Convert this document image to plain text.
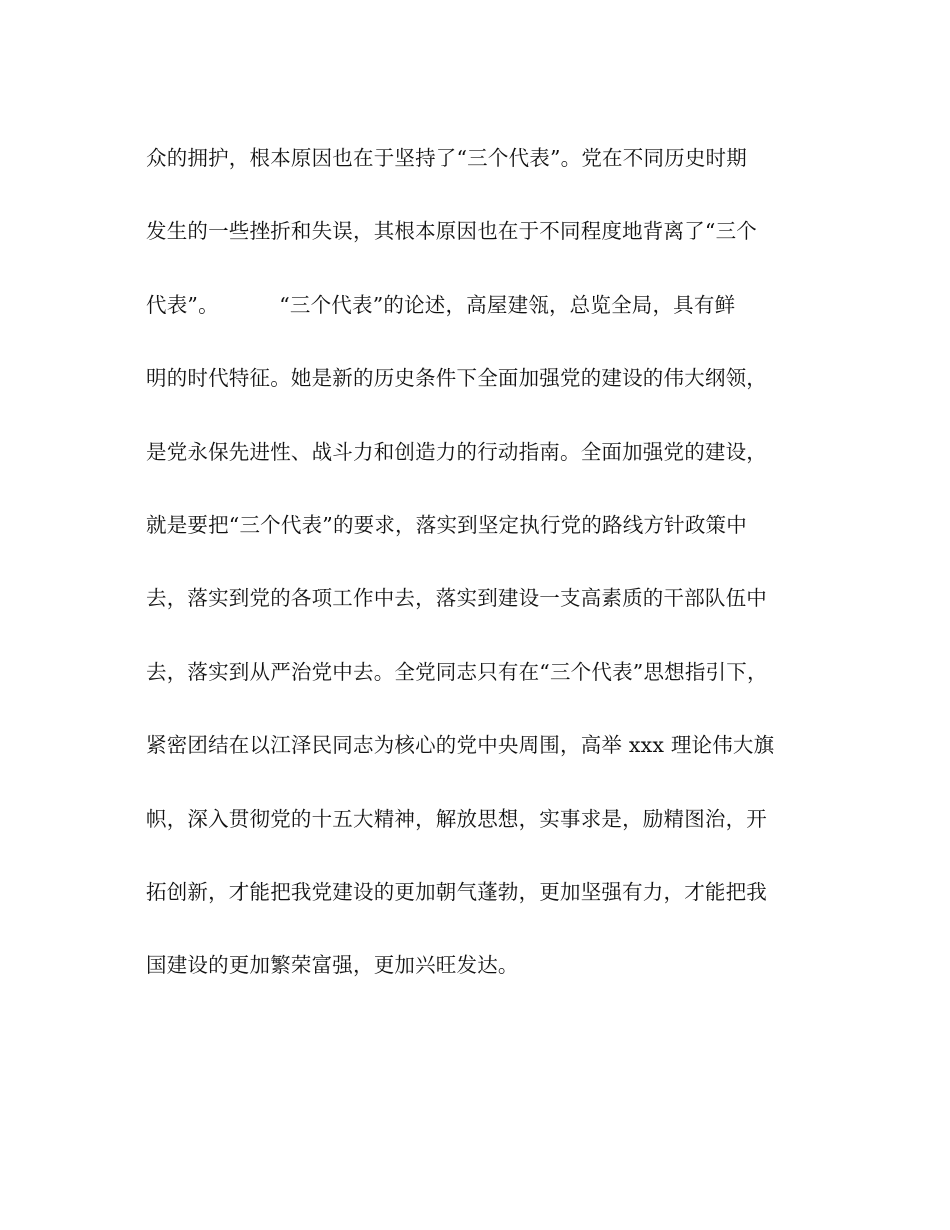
众的拥护，根本原因也在于坚持了“三个代表”。党在不同历史时期
发生的一些挫折和失误，其根本原因也在于不同程度地背离了“三个
代表”。         “三个代表”的论述，高屋建瓴，总览全局，具有鲜
明的时代特征。她是新的历史条件下全面加强党的建设的伟大纲领，
是党永保先进性、战斗力和创造力的行动指南。全面加强党的建设，
就是要把“三个代表”的要求，落实到坚定执行党的路线方针政策中
去，落实到党的各项工作中去，落实到建设一支高素质的干部队伍中
去，落实到从严治党中去。全党同志只有在“三个代表”思想指引下，
紧密团结在以江泽民同志为核心的党中央周围，高举 xxx 理论伟大旗
帜，深入贯彻党的十五大精神，解放思想，实事求是，励精图治，开
拓创新，才能把我党建设的更加朝气蓬勃，更加坚强有力，才能把我
国建设的更加繁荣富强，更加兴旺发达。
